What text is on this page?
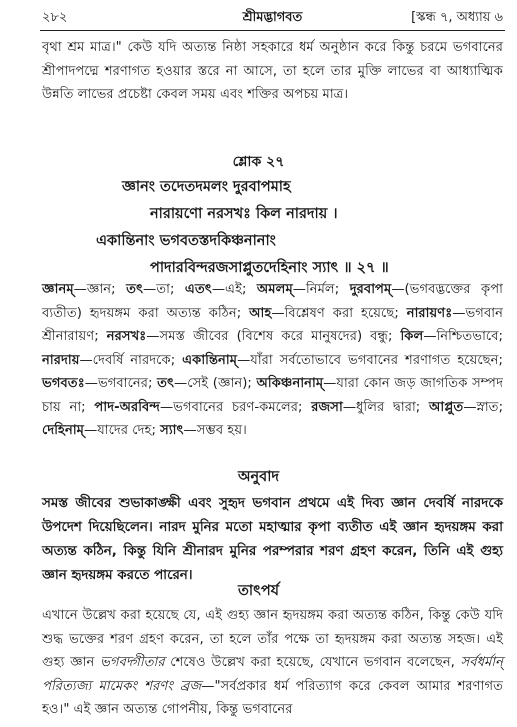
২৮২	শ্রীমদ্ভাগবত	[স্কন্ধ ৭, অধ্যায় ৬
বৃথা শ্রম মাত্র।" কেউ যদি অত্যন্ত নিষ্ঠা সহকারে ধর্ম অনুষ্ঠান করে কিন্তু চরমে ভগবানের শ্রীপাদপদ্মে শরণাগত হওয়ার স্তরে না আসে, তা হলে তার মুক্তি লাভের বা আধ্যাত্মিক উন্নতি লাভের প্রচেষ্টা কেবল সময় এবং শক্তির অপচয় মাত্র।
শ্লোক ২৭
জ্ঞানং তদেতদমলং দুরবাপমাহ
নারায়ণো নরসখঃ কিল নারদায় ।
একান্তিনাং ভগবতস্তদকিঞ্চনানাং
পাদারবিন্দরজসাপ্লুতদেহিনাং স্যাৎ ॥ ২৭ ॥
জ্ঞানম্—জ্ঞান; তৎ—তা; এতৎ—এই; অমলম্—নির্মল; দুরবাপম্—(ভগবদ্ভক্তের কৃপা ব্যতীত) হৃদয়ঙ্গম করা অত্যন্ত কঠিন; আহ—বিশ্লেষণ করা হয়েছে; নারায়ণঃ—ভগবান শ্রীনারায়ণ; নরসখঃ—সমস্ত জীবের (বিশেষ করে মানুষদের) বন্ধু; কিল—নিশ্চিতভাবে; নারদায়—দেবর্ষি নারদকে; একান্তিনাম্—যাঁরা সর্বতোভাবে ভগবানের শরণাগত হয়েছেন; ভগবতঃ—ভগবানের; তৎ—সেই (জ্ঞান); অকিঞ্চনানাম্—যারা কোন জড় জাগতিক সম্পদ চায় না; পাদ-অরবিন্দ—ভগবানের চরণ-কমলের; রজসা—ধুলির দ্বারা; আপ্লুত—স্নাত; দেহিনাম্—যাদের দেহ; স্যাৎ—সম্ভব হয়।
অনুবাদ
সমস্ত জীবের শুভাকাঙ্ক্ষী এবং সুহৃদ ভগবান প্রথমে এই দিব্য জ্ঞান দেবর্ষি নারদকে উপদেশ দিয়েছিলেন। নারদ মুনির মতো মহাত্মার কৃপা ব্যতীত এই জ্ঞান হৃদয়ঙ্গম করা অত্যন্ত কঠিন, কিন্তু যিনি শ্রীনারদ মুনির পরম্পরার শরণ গ্রহণ করেন, তিনি এই গুহ্য জ্ঞান হৃদয়ঙ্গম করতে পারেন।
তাৎপর্য
এখানে উল্লেখ করা হয়েছে যে, এই গুহ্য জ্ঞান হৃদয়ঙ্গম করা অত্যন্ত কঠিন, কিন্তু কেউ যদি শুদ্ধ ভক্তের শরণ গ্রহণ করেন, তা হলে তাঁর পক্ষে তা হৃদয়ঙ্গম করা অত্যন্ত সহজ। এই গুহ্য জ্ঞান ভগবদ্গীতার শেষেও উল্লেখ করা হয়েছে, যেখানে ভগবান বলেছেন, সর্বধর্মান্ পরিত্যজ্য মামেকং শরণং ব্রজ—"সর্বপ্রকার ধর্ম পরিত্যাগ করে কেবল আমার শরণাগত হও।" এই জ্ঞান অত্যন্ত গোপনীয়, কিন্তু ভগবানের
